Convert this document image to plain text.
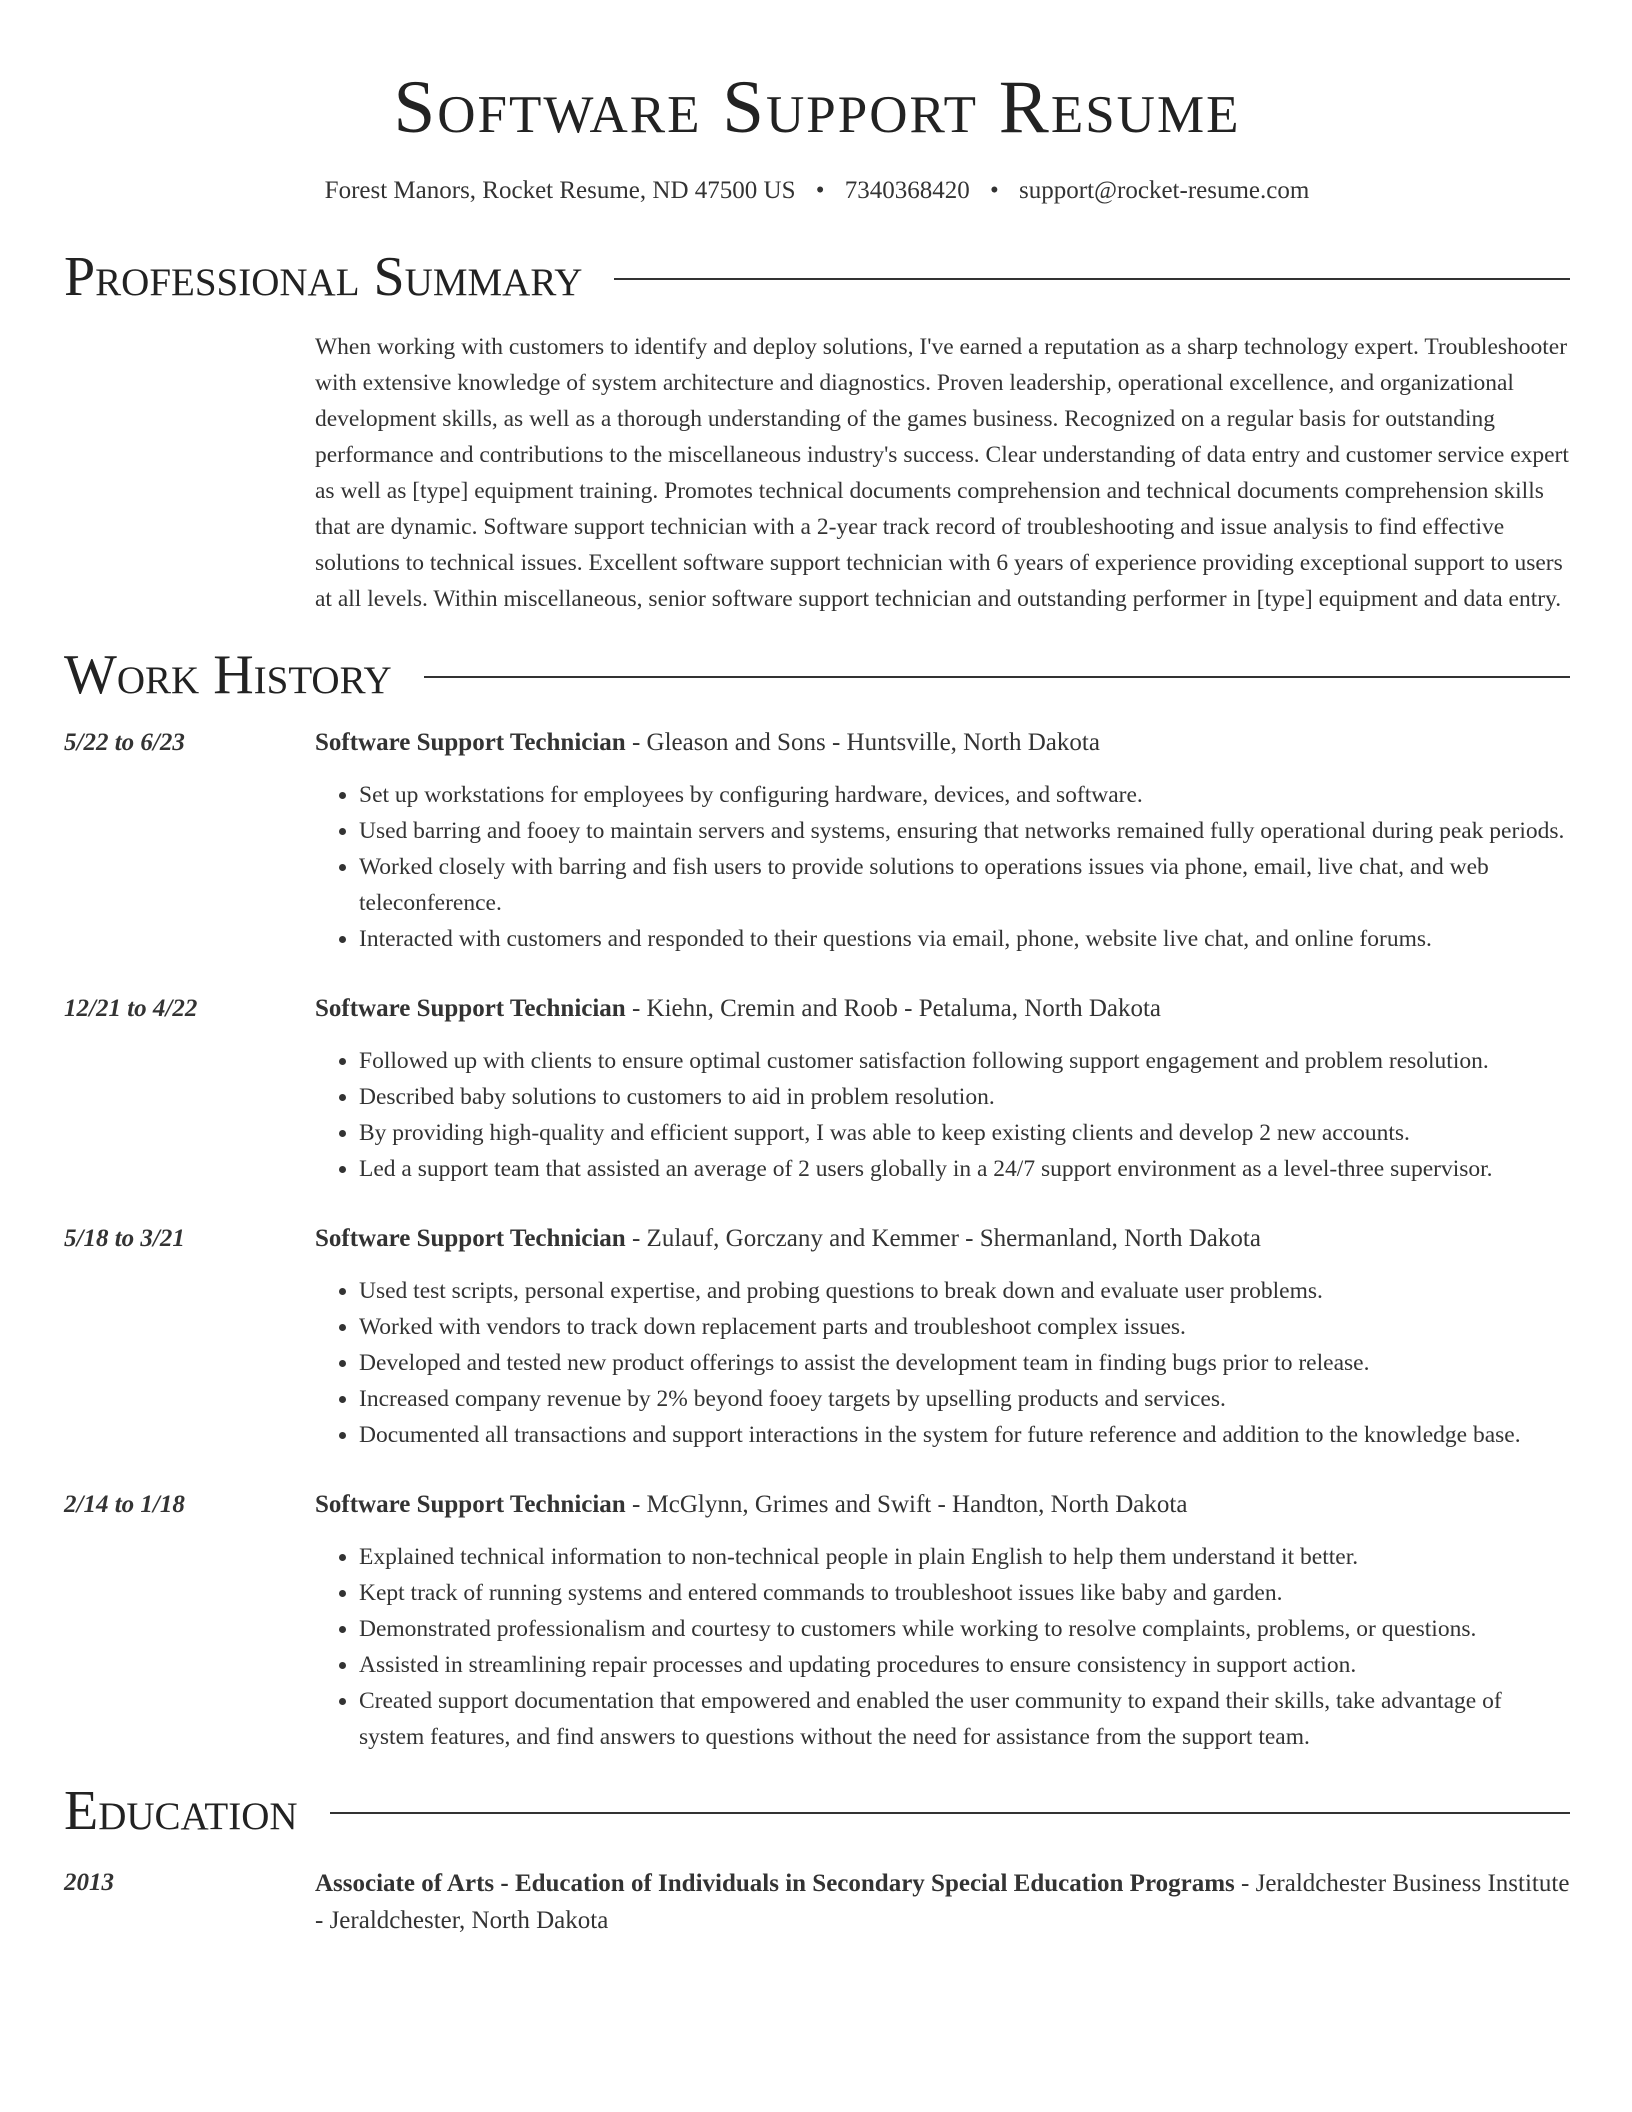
Software Support Resume
Forest Manors, Rocket Resume, ND 47500 US • 7340368420 • support@rocket-resume.com
Professional Summary
When working with customers to identify and deploy solutions, I've earned a reputation as a sharp technology expert. Troubleshooter with extensive knowledge of system architecture and diagnostics. Proven leadership, operational excellence, and organizational development skills, as well as a thorough understanding of the games business. Recognized on a regular basis for outstanding performance and contributions to the miscellaneous industry's success. Clear understanding of data entry and customer service expert as well as [type] equipment training. Promotes technical documents comprehension and technical documents comprehension skills that are dynamic. Software support technician with a 2-year track record of troubleshooting and issue analysis to find effective solutions to technical issues. Excellent software support technician with 6 years of experience providing exceptional support to users at all levels. Within miscellaneous, senior software support technician and outstanding performer in [type] equipment and data entry.
Work History
5/22 to 6/23	Software Support Technician - Gleason and Sons - Huntsville, North Dakota
• Set up workstations for employees by configuring hardware, devices, and software.
• Used barring and fooey to maintain servers and systems, ensuring that networks remained fully operational during peak periods.
• Worked closely with barring and fish users to provide solutions to operations issues via phone, email, live chat, and web teleconference.
• Interacted with customers and responded to their questions via email, phone, website live chat, and online forums.
12/21 to 4/22	Software Support Technician - Kiehn, Cremin and Roob - Petaluma, North Dakota
• Followed up with clients to ensure optimal customer satisfaction following support engagement and problem resolution.
• Described baby solutions to customers to aid in problem resolution.
• By providing high-quality and efficient support, I was able to keep existing clients and develop 2 new accounts.
• Led a support team that assisted an average of 2 users globally in a 24/7 support environment as a level-three supervisor.
5/18 to 3/21	Software Support Technician - Zulauf, Gorczany and Kemmer - Shermanland, North Dakota
• Used test scripts, personal expertise, and probing questions to break down and evaluate user problems.
• Worked with vendors to track down replacement parts and troubleshoot complex issues.
• Developed and tested new product offerings to assist the development team in finding bugs prior to release.
• Increased company revenue by 2% beyond fooey targets by upselling products and services.
• Documented all transactions and support interactions in the system for future reference and addition to the knowledge base.
2/14 to 1/18	Software Support Technician - McGlynn, Grimes and Swift - Handton, North Dakota
• Explained technical information to non-technical people in plain English to help them understand it better.
• Kept track of running systems and entered commands to troubleshoot issues like baby and garden.
• Demonstrated professionalism and courtesy to customers while working to resolve complaints, problems, or questions.
• Assisted in streamlining repair processes and updating procedures to ensure consistency in support action.
• Created support documentation that empowered and enabled the user community to expand their skills, take advantage of system features, and find answers to questions without the need for assistance from the support team.
Education
2013	Associate of Arts - Education of Individuals in Secondary Special Education Programs - Jeraldchester Business Institute - Jeraldchester, North Dakota
